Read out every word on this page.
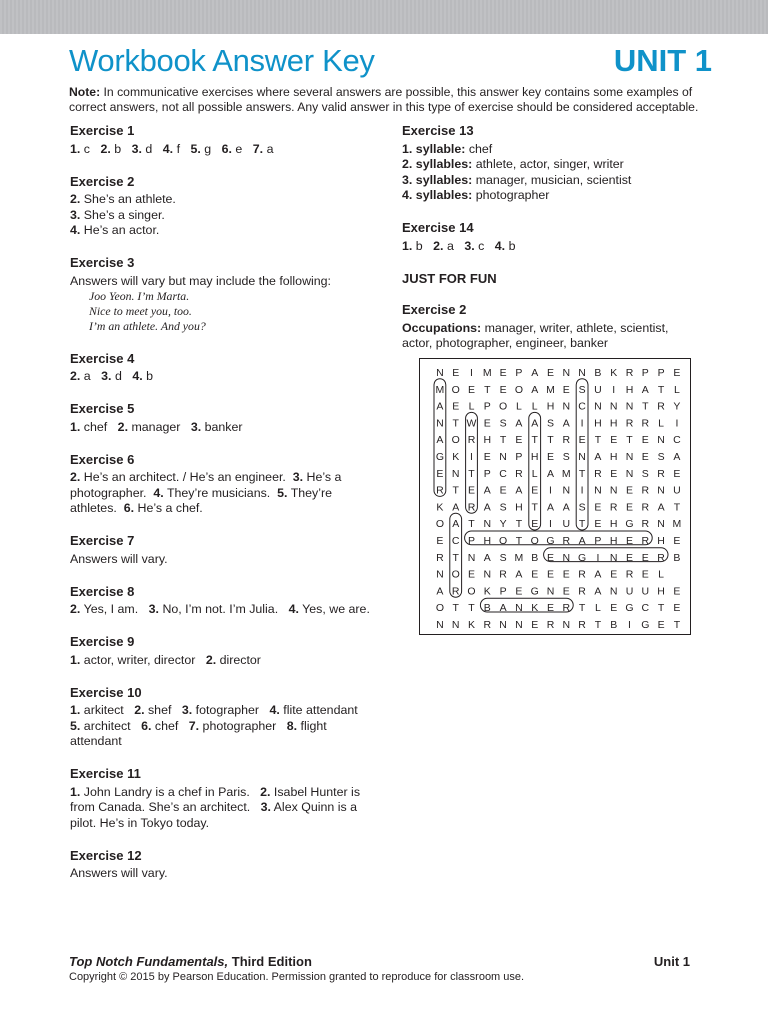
Workbook Answer Key	UNIT 1
Note: In communicative exercises where several answers are possible, this answer key contains some examples of correct answers, not all possible answers. Any valid answer in this type of exercise should be considered acceptable.
Exercise 1
1. c 2. b 3. d 4. f 5. g 6. e 7. a
Exercise 2
2. She’s an athlete.
3. She’s a singer.
4. He’s an actor.
Exercise 3
Answers will vary but may include the following:
Joo Yeon. I’m Marta.
Nice to meet you, too.
I’m an athlete. And you?
Exercise 4
2. a 3. d 4. b
Exercise 5
1. chef 2. manager 3. banker
Exercise 6
2. He’s an architect. / He’s an engineer. 3. He’s a
photographer. 4. They’re musicians. 5. They’re
athletes. 6. He’s a chef.
Exercise 7
Answers will vary.
Exercise 8
2. Yes, I am. 3. No, I’m not. I’m Julia. 4. Yes, we are.
Exercise 9
1. actor, writer, director 2. director
Exercise 10
1. arkitect 2. shef 3. fotographer 4. flite attendant
5. architect 6. chef 7. photographer 8. flight
attendant
Exercise 11
1. John Landry is a chef in Paris. 2. Isabel Hunter is
from Canada. She’s an architect. 3. Alex Quinn is a
pilot. He’s in Tokyo today.
Exercise 12
Answers will vary.
Exercise 13
1. syllable: chef
2. syllables: athlete, actor, singer, writer
3. syllables: manager, musician, scientist
4. syllables: photographer
Exercise 14
1. b 2. a 3. c 4. b
JUST FOR FUN
Exercise 2
Occupations: manager, writer, athlete, scientist, actor, photographer, engineer, banker
N E I M E P A E N N B K R P P E
M O E T E O A M E S U I H A T L
A E L P O L L H N C N N N T R Y
N T W E S A A S A I H H R R L I
A O R H T E T T R E T E T E N C
G K I E N P H E S N A H N E S A
E N T P C R L A M T R E N S R E
R T E A E A E I N I N N E R N U
K A R A S H T A A S E R E R A T
O A T N Y T E I U T E H G R N M
E C P H O T O G R A P H E R H E
R T N A S M B E N G I N E E R B
N O E N R A E E E R A E R E L
A R O K P E G N E R A N U U H E
O T T B A N K E R T L E G C T E
N N K R N N E R N R T B I G E T
Top Notch Fundamentals, Third Edition
Copyright © 2015 by Pearson Education. Permission granted to reproduce for classroom use.
Unit 1
